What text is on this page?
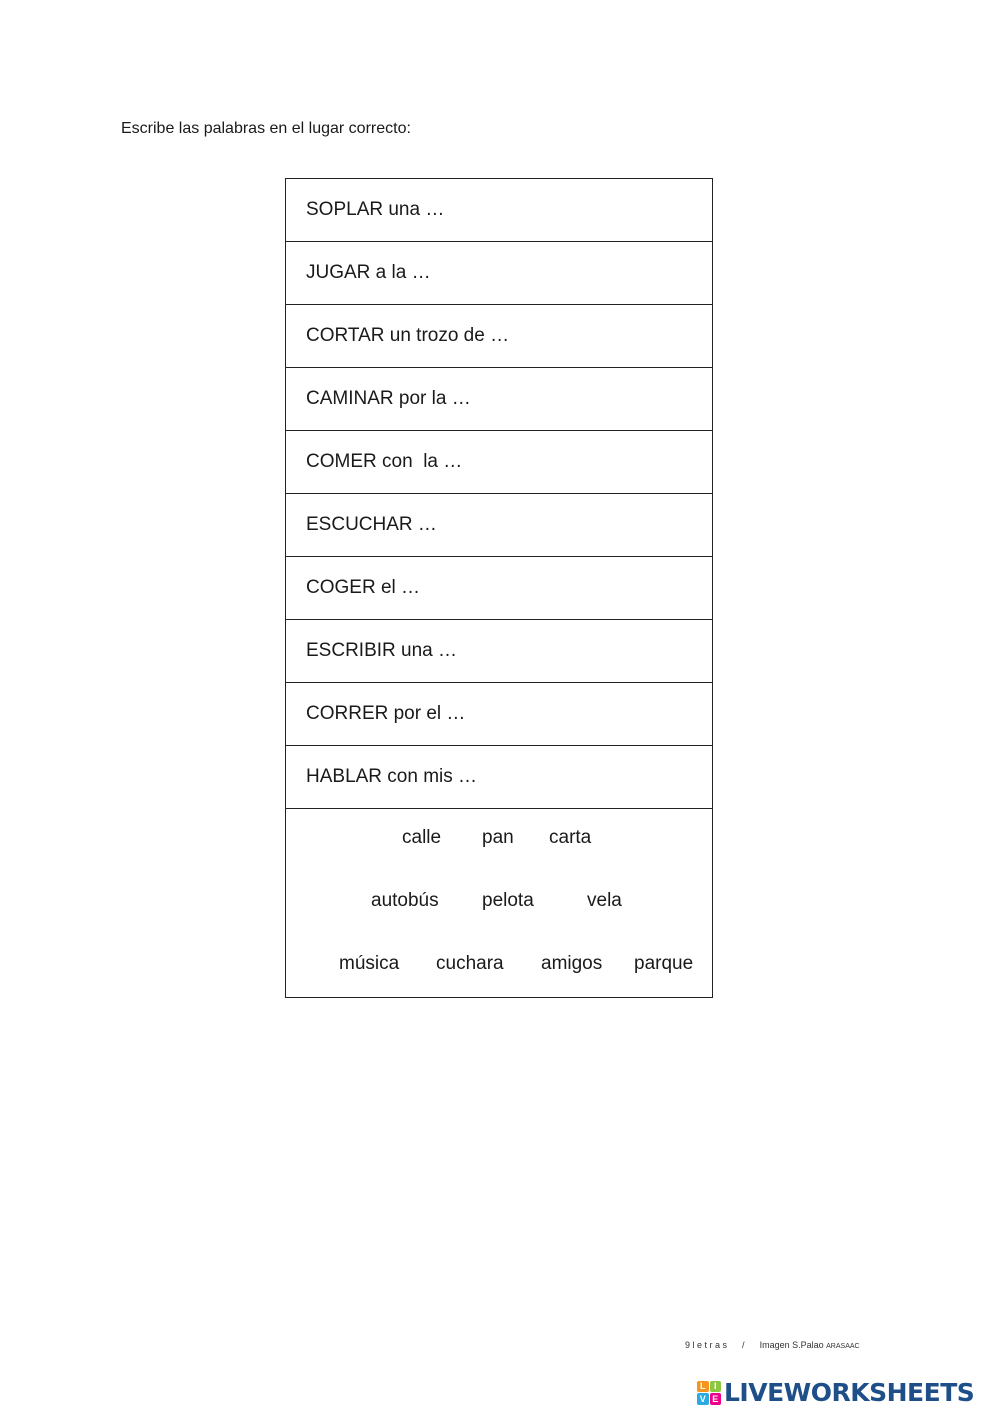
Escribe las palabras en el lugar correcto:
SOPLAR una …
JUGAR a la …
CORTAR un trozo de …
CAMINAR por la …
COMER con  la …
ESCUCHAR …
COGER el …
ESCRIBIR una …
CORRER por el …
HABLAR con mis …
calle pan carta
autobús pelota	vela
música cuchara amigos parque
9 l e t r a s / Imagen S.Palao ARASAAC
L I
V E LIVEWORKSHEETS
